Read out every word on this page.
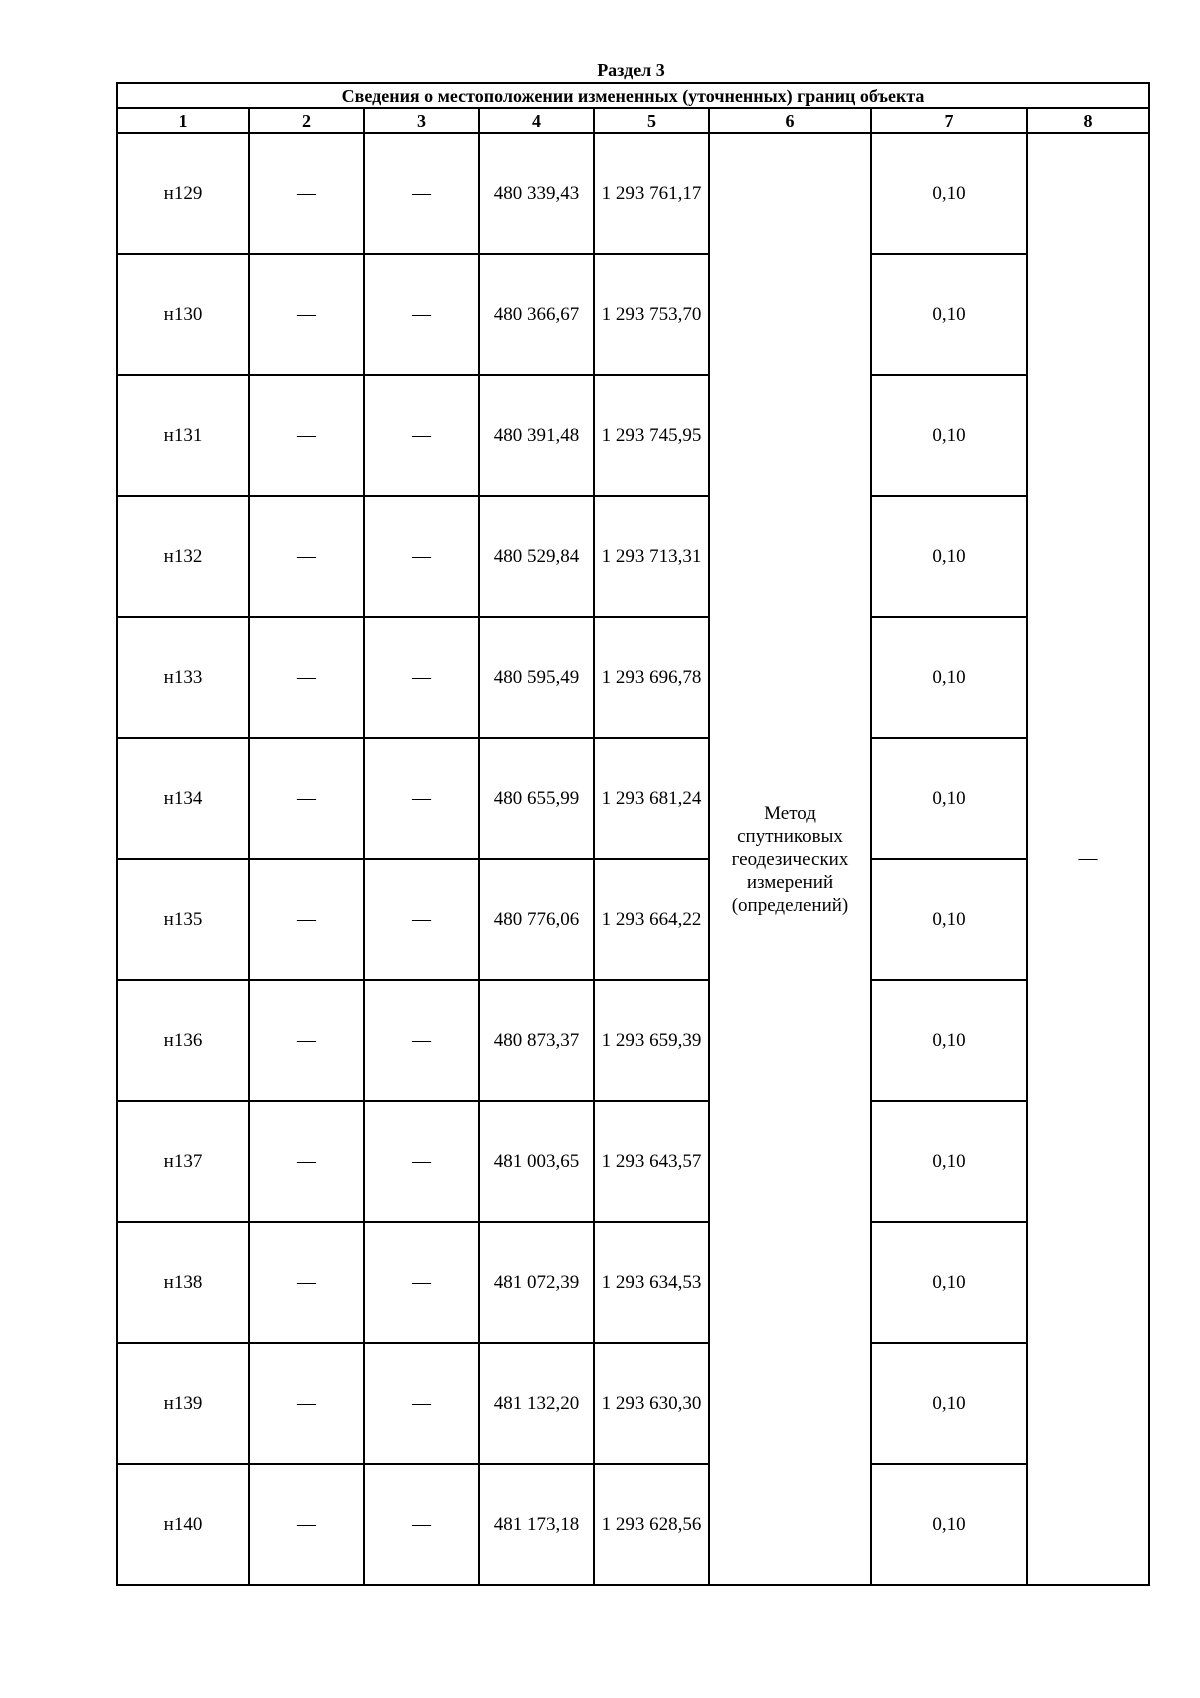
Раздел 3
Сведения о местоположении измененных (уточненных) границ объекта							
1	2	3	4	5	6	7	8
н129	—	—	480 339,43	1 293 761,17	Метод
спутниковых
геодезических
измерений
(определений)	0,10	—
н130	—	—	480 366,67	1 293 753,70		0,10	
н131	—	—	480 391,48	1 293 745,95		0,10	
н132	—	—	480 529,84	1 293 713,31		0,10	
н133	—	—	480 595,49	1 293 696,78		0,10	
н134	—	—	480 655,99	1 293 681,24		0,10	
н135	—	—	480 776,06	1 293 664,22		0,10	
н136	—	—	480 873,37	1 293 659,39		0,10	
н137	—	—	481 003,65	1 293 643,57		0,10	
н138	—	—	481 072,39	1 293 634,53		0,10	
н139	—	—	481 132,20	1 293 630,30		0,10	
н140	—	—	481 173,18	1 293 628,56		0,10	
